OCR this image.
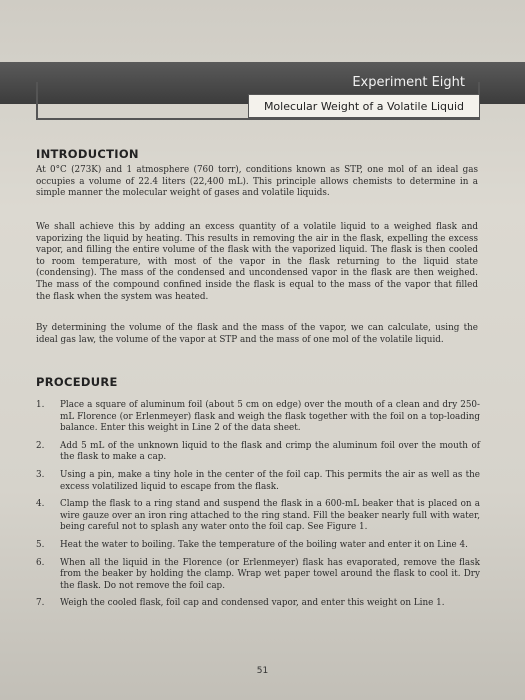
Experiment Eight
Molecular Weight of a Volatile Liquid
INTRODUCTION
At 0°C (273K) and 1 atmosphere (760 torr), conditions known as STP, one mol of an ideal gas occupies a volume of 22.4 liters (22,400 mL). This principle allows chemists to determine in a simple manner the molecular weight of gases and volatile liquids.
We shall achieve this by adding an excess quantity of a volatile liquid to a weighed flask and vaporizing the liquid by heating. This results in removing the air in the flask, expelling the excess vapor, and filling the entire volume of the flask with the vaporized liquid. The flask is then cooled to room temperature, with most of the vapor in the flask returning to the liquid state (condensing). The mass of the condensed and uncondensed vapor in the flask are then weighed. The mass of the compound confined inside the flask is equal to the mass of the vapor that filled the flask when the system was heated.
By determining the volume of the flask and the mass of the vapor, we can calculate, using the ideal gas law, the volume of the vapor at STP and the mass of one mol of the volatile liquid.
PROCEDURE
1. Place a square of aluminum foil (about 5 cm on edge) over the mouth of a clean and dry 250-mL Florence (or Erlenmeyer) flask and weigh the flask together with the foil on a top-loading balance. Enter this weight in Line 2 of the data sheet.
2. Add 5 mL of the unknown liquid to the flask and crimp the aluminum foil over the mouth of the flask to make a cap.
3. Using a pin, make a tiny hole in the center of the foil cap. This permits the air as well as the excess volatilized liquid to escape from the flask.
4. Clamp the flask to a ring stand and suspend the flask in a 600-mL beaker that is placed on a wire gauze over an iron ring attached to the ring stand. Fill the beaker nearly full with water, being careful not to splash any water onto the foil cap. See Figure 1.
5. Heat the water to boiling. Take the temperature of the boiling water and enter it on Line 4.
6. When all the liquid in the Florence (or Erlenmeyer) flask has evaporated, remove the flask from the beaker by holding the clamp. Wrap wet paper towel around the flask to cool it. Dry the flask. Do not remove the foil cap.
7. Weigh the cooled flask, foil cap and condensed vapor, and enter this weight on Line 1.
51
